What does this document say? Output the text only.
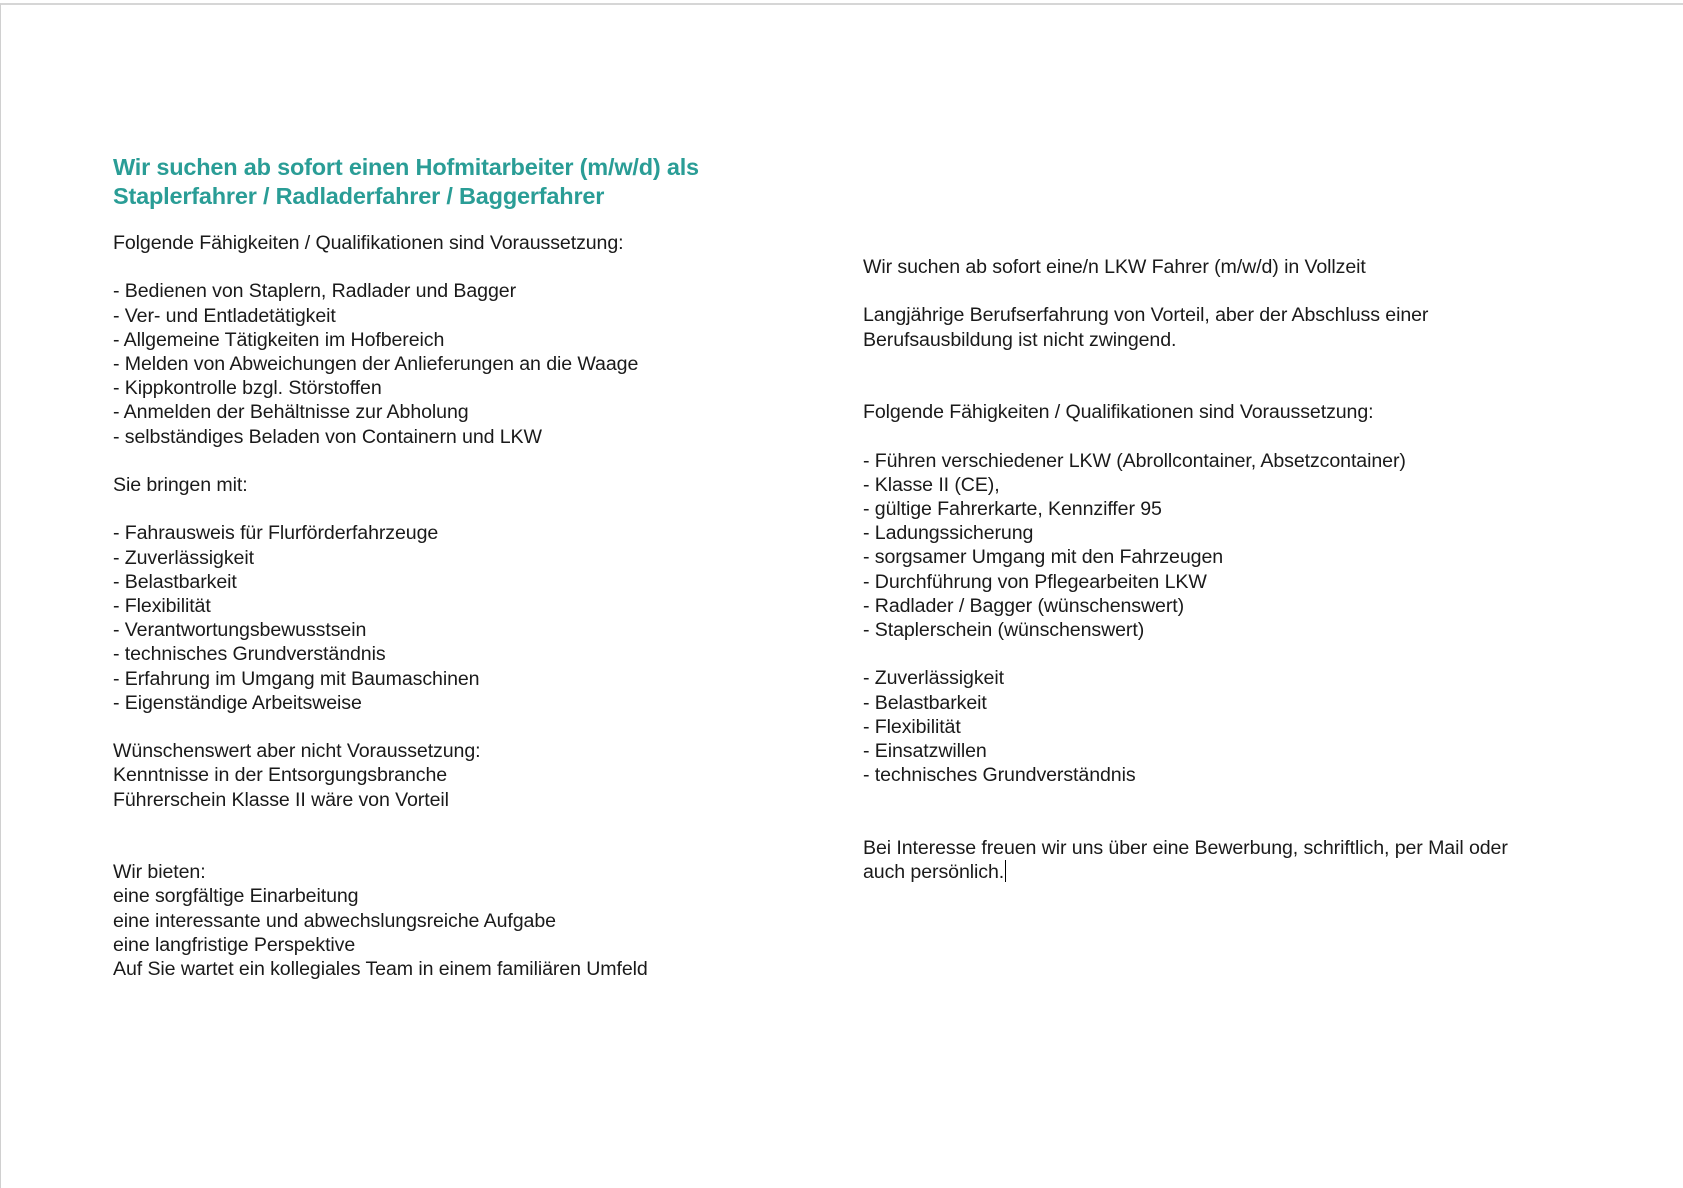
Wir suchen ab sofort einen Hofmitarbeiter (m/w/d) als
Staplerfahrer / Radladerfahrer / Baggerfahrer

Folgende Fähigkeiten / Qualifikationen sind Voraussetzung:

- Bedienen von Staplern, Radlader und Bagger
- Ver- und Entladetätigkeit
- Allgemeine Tätigkeiten im Hofbereich
- Melden von Abweichungen der Anlieferungen an die Waage
- Kippkontrolle bzgl. Störstoffen
- Anmelden der Behältnisse zur Abholung
- selbständiges Beladen von Containern und LKW

Sie bringen mit:

- Fahrausweis für Flurförderfahrzeuge
- Zuverlässigkeit
- Belastbarkeit
- Flexibilität
- Verantwortungsbewusstsein
- technisches Grundverständnis
- Erfahrung im Umgang mit Baumaschinen
- Eigenständige Arbeitsweise
Wünschenswert aber nicht Voraussetzung:
Kenntnisse in der Entsorgungsbranche
Führerschein Klasse II wäre von Vorteil
Wir bieten:
eine sorgfältige Einarbeitung
eine interessante und abwechslungsreiche Aufgabe
eine langfristige Perspektive
Auf Sie wartet ein kollegiales Team in einem familiären Umfeld

Wir suchen ab sofort eine/n LKW Fahrer (m/w/d) in Vollzeit

Langjährige Berufserfahrung von Vorteil, aber der Abschluss einer
Berufsausbildung ist nicht zwingend.

Folgende Fähigkeiten / Qualifikationen sind Voraussetzung:

- Führen verschiedener LKW (Abrollcontainer, Absetzcontainer)
- Klasse II (CE),
- gültige Fahrerkarte, Kennziffer 95
- Ladungssicherung
- sorgsamer Umgang mit den Fahrzeugen
- Durchführung von Pflegearbeiten LKW
- Radlader / Bagger (wünschenswert)
- Staplerschein (wünschenswert)
- Zuverlässigkeit
- Belastbarkeit
- Flexibilität
- Einsatzwillen
- technisches Grundverständnis
Bei Interesse freuen wir uns über eine Bewerbung, schriftlich, per Mail oder
auch persönlich.
